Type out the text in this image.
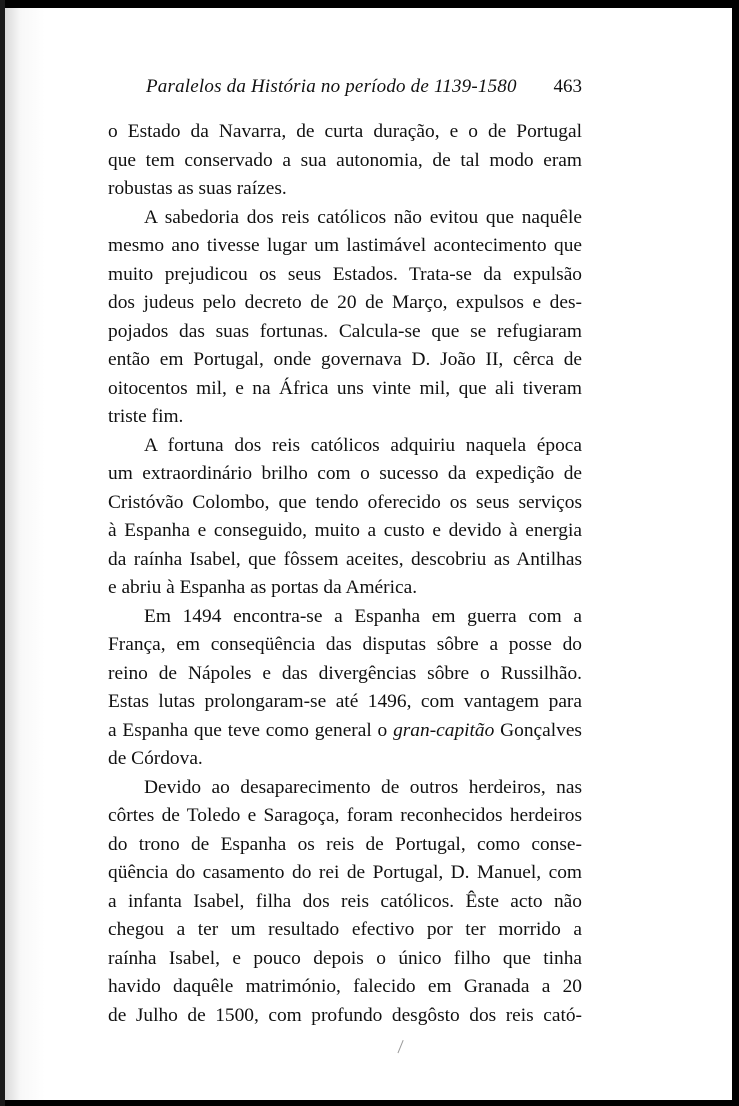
Paralelos da História no período de 1139-1580 463
o Estado da Navarra, de curta duração, e o de Portugal
que tem conservado a sua autonomia, de tal modo eram
robustas as suas raízes.
A sabedoria dos reis católicos não evitou que naquêle
mesmo ano tivesse lugar um lastimável acontecimento que
muito prejudicou os seus Estados. Trata-se da expulsão
dos judeus pelo decreto de 20 de Março, expulsos e des-
pojados das suas fortunas. Calcula-se que se refugiaram
então em Portugal, onde governava D. João II, cêrca de
oitocentos mil, e na África uns vinte mil, que ali tiveram
triste fim.
A fortuna dos reis católicos adquiriu naquela época
um extraordinário brilho com o sucesso da expedição de
Cristóvão Colombo, que tendo oferecido os seus serviços
à Espanha e conseguido, muito a custo e devido à energia
da raínha Isabel, que fôssem aceites, descobriu as Antilhas
e abriu à Espanha as portas da América.
Em 1494 encontra-se a Espanha em guerra com a
França, em conseqüência das disputas sôbre a posse do
reino de Nápoles e das divergências sôbre o Russilhão.
Estas lutas prolongaram-se até 1496, com vantagem para
a Espanha que teve como general o gran-capitão Gonçalves
de Córdova.
Devido ao desaparecimento de outros herdeiros, nas
côrtes de Toledo e Saragoça, foram reconhecidos herdeiros
do trono de Espanha os reis de Portugal, como conse-
qüência do casamento do rei de Portugal, D. Manuel, com
a infanta Isabel, filha dos reis católicos. Êste acto não
chegou a ter um resultado efectivo por ter morrido a
raínha Isabel, e pouco depois o único filho que tinha
havido daquêle matrimónio, falecido em Granada a 20
de Julho de 1500, com profundo desgôsto dos reis cató-
